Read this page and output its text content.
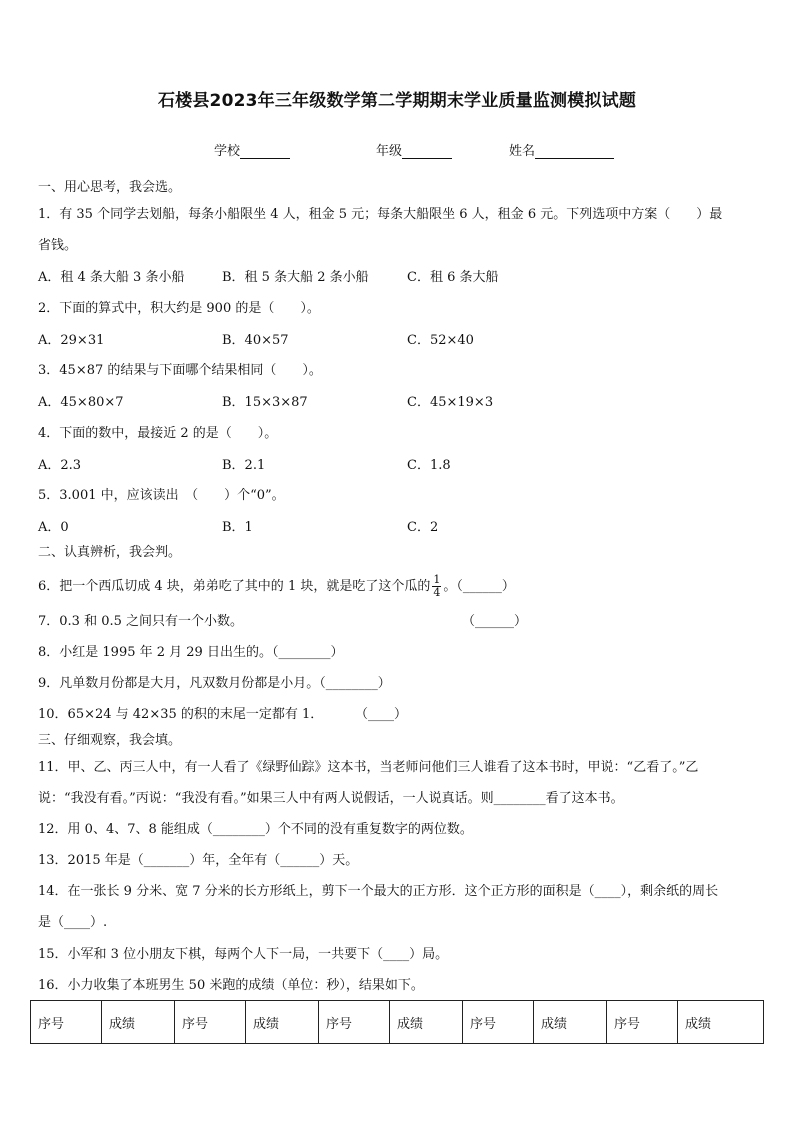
石楼县2023年三年级数学第二学期期末学业质量监测模拟试题
学校	年级	姓名
一、用心思考，我会选。
1．有 35 个同学去划船，每条小船限坐 4 人，租金 5 元；每条大船限坐 6 人，租金 6 元。下列选项中方案（　　）最
省钱。
A．租 4 条大船 3 条小船	B．租 5 条大船 2 条小船	C．租 6 条大船
2．下面的算式中，积大约是 900 的是（　　）。
A．29×31	B．40×57	C．52×40
3．45×87 的结果与下面哪个结果相同（　　）。
A．45×80×7	B．15×3×87	C．45×19×3
4．下面的数中，最接近 2 的是（　　）。
A．2.3	B．2.1	C．1.8
5．3.001 中，应该读出　（　　）个“0”。
A．0	B．1	C．2
二、认真辨析，我会判。
6．把一个西瓜切成 4 块，弟弟吃了其中的 1 块，就是吃了这个瓜的 $\frac{1}{4}$ 。（______）
7．0.3 和 0.5 之间只有一个小数。	（______）
8．小红是 1995 年 2 月 29 日出生的。（________）
9．凡单数月份都是大月，凡双数月份都是小月。（________）
10．65×24 与 42×35 的积的末尾一定都有 1． （____）
三、仔细观察，我会填。
11．甲、乙、丙三人中，有一人看了《绿野仙踪》这本书，当老师问他们三人谁看了这本书时，甲说：“乙看了。”乙
说：“我没有看。”丙说：“我没有看。”如果三人中有两人说假话，一人说真话。则________看了这本书。
12．用 0、4、7、8 能组成（________）个不同的没有重复数字的两位数。
13．2015 年是（_______）年，全年有（______）天。
14．在一张长 9 分米、宽 7 分米的长方形纸上，剪下一个最大的正方形．这个正方形的面积是（____），剩余纸的周长
是（____）.
15．小军和 3 位小朋友下棋，每两个人下一局，一共要下（____）局。
16．小力收集了本班男生 50 米跑的成绩（单位：秒），结果如下。
序号	成绩	序号	成绩	序号	成绩	序号	成绩	序号	成绩
